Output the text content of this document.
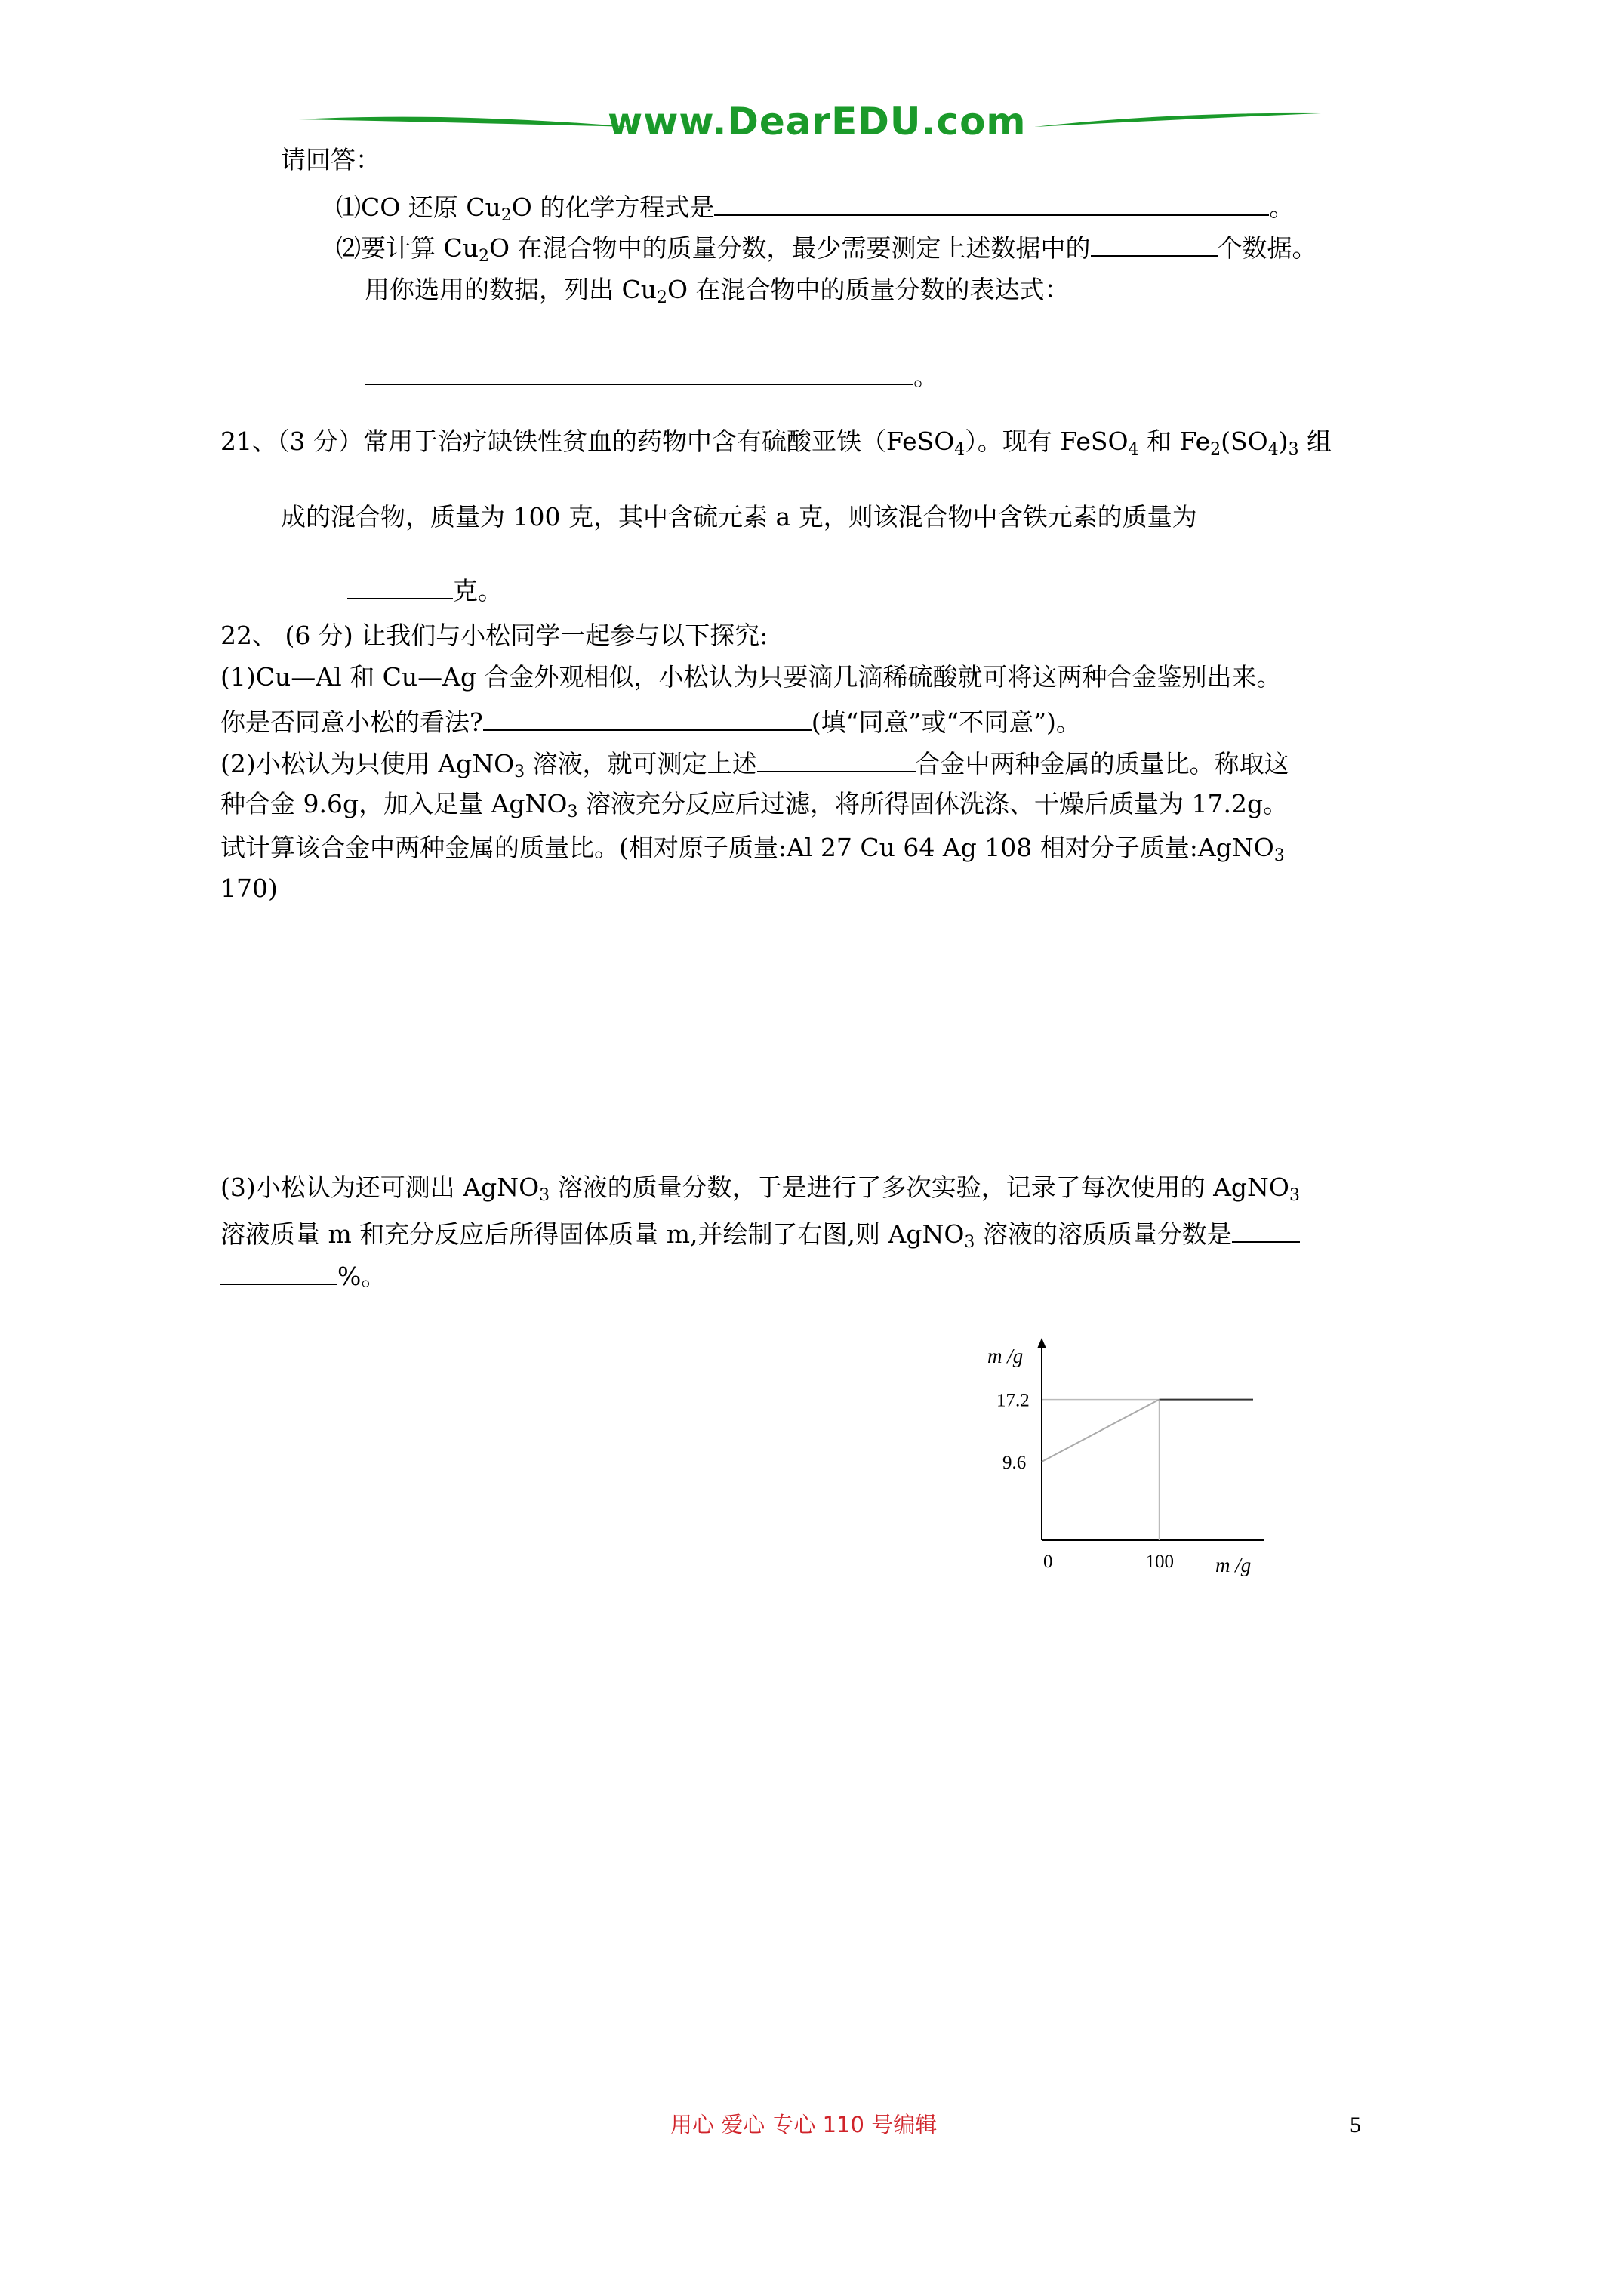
www.DearEDU.com
请回答：
⑴CO 还原 $Cu_2O$ 的化学方程式是	。
⑵要计算 $Cu_2O$ 在混合物中的质量分数，最少需要测定上述数据中的	个数据。
用你选用的数据，列出 $Cu_2O$ 在混合物中的质量分数的表达式：
。
21、（3 分）常用于治疗缺铁性贫血的药物中含有硫酸亚铁（FeSO$_4$）。现有 FeSO$_4$ 和 $Fe_2(SO_4)_3$ 组
成的混合物，质量为 100 克，其中含硫元素 a 克，则该混合物中含铁元素的质量为
克。
22、 (6 分) 让我们与小松同学一起参与以下探究:
(1)Cu—Al 和 Cu—Ag 合金外观相似，小松认为只要滴几滴稀硫酸就可将这两种合金鉴别出来。
你是否同意小松的看法?	(填“同意”或“不同意”)。
(2)小松认为只使用 AgNO$_3$ 溶液，就可测定上述	合金中两种金属的质量比。称取这
种合金 9.6g，加入足量 AgNO$_3$ 溶液充分反应后过滤，将所得固体洗涤、干燥后质量为 17.2g。
试计算该合金中两种金属的质量比。(相对原子质量:Al 27 Cu 64 Ag 108 相对分子质量:AgNO$_3$
170)
(3)小松认为还可测出 AgNO$_3$ 溶液的质量分数，于是进行了多次实验，记录了每次使用的 AgNO$_3$
溶液质量 m 和充分反应后所得固体质量 m,并绘制了右图,则 AgNO$_3$ 溶液的溶质质量分数是
%。
m /g
m /g
17.2
9.6
0	100
用心 爱心 专心 110 号编辑	5
